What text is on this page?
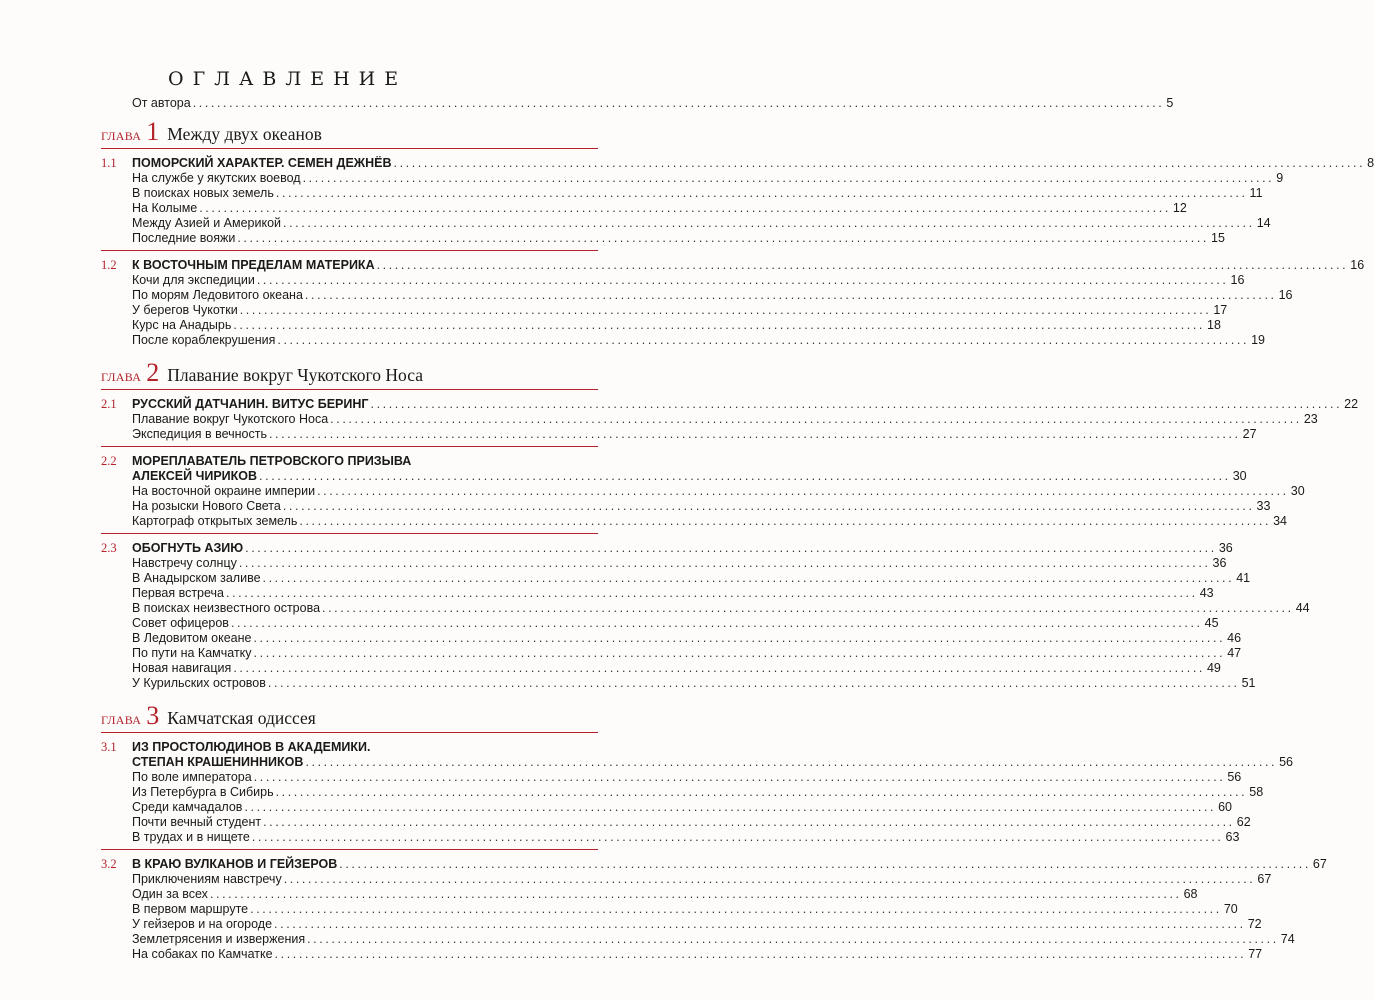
ОГЛАВЛЕНИЕ
От автора ................................................................................................................................................................ 5
ГЛАВА 1 Между двух океанов
1.1 ПОМОРСКИЙ ХАРАКТЕР. СЕМЕН ДЕЖНЁВ ................................................................................................................................................................ 8
На службе у якутских воевод ................................................................................................................................................................ 9
В поисках новых земель ................................................................................................................................................................ 11
На Колыме ................................................................................................................................................................ 12
Между Азией и Америкой ................................................................................................................................................................ 14
Последние вояжи ................................................................................................................................................................ 15
1.2 К ВОСТОЧНЫМ ПРЕДЕЛАМ МАТЕРИКА ................................................................................................................................................................ 16
Кочи для экспедиции ................................................................................................................................................................ 16
По морям Ледовитого океана ................................................................................................................................................................ 16
У берегов Чукотки ................................................................................................................................................................ 17
Курс на Анадырь ................................................................................................................................................................ 18
После кораблекрушения ................................................................................................................................................................ 19
ГЛАВА 2 Плавание вокруг Чукотского Носа
2.1 РУССКИЙ ДАТЧАНИН. ВИТУС БЕРИНГ ................................................................................................................................................................ 22
Плавание вокруг Чукотского Носа ................................................................................................................................................................ 23
Экспедиция в вечность ................................................................................................................................................................ 27
2.2 МОРЕПЛАВАТЕЛЬ ПЕТРОВСКОГО ПРИЗЫВА
АЛЕКСЕЙ ЧИРИКОВ ................................................................................................................................................................ 30
На восточной окраине империи ................................................................................................................................................................ 30
На розыски Нового Света ................................................................................................................................................................ 33
Картограф открытых земель ................................................................................................................................................................ 34
2.3 ОБОГНУТЬ АЗИЮ ................................................................................................................................................................ 36
Навстречу солнцу ................................................................................................................................................................ 36
В Анадырском заливе ................................................................................................................................................................ 41
Первая встреча ................................................................................................................................................................ 43
В поисках неизвестного острова ................................................................................................................................................................ 44
Совет офицеров ................................................................................................................................................................ 45
В Ледовитом океане ................................................................................................................................................................ 46
По пути на Камчатку ................................................................................................................................................................ 47
Новая навигация ................................................................................................................................................................ 49
У Курильских островов ................................................................................................................................................................ 51
ГЛАВА 3 Камчатская одиссея
3.1 ИЗ ПРОСТОЛЮДИНОВ В АКАДЕМИКИ.
СТЕПАН КРАШЕНИННИКОВ ................................................................................................................................................................ 56
По воле императора ................................................................................................................................................................ 56
Из Петербурга в Сибирь ................................................................................................................................................................ 58
Среди камчадалов ................................................................................................................................................................ 60
Почти вечный студент ................................................................................................................................................................ 62
В трудах и в нищете ................................................................................................................................................................ 63
3.2 В КРАЮ ВУЛКАНОВ И ГЕЙЗЕРОВ ................................................................................................................................................................ 67
Приключениям навстречу ................................................................................................................................................................ 67
Один за всех ................................................................................................................................................................ 68
В первом маршруте ................................................................................................................................................................ 70
У гейзеров и на огороде ................................................................................................................................................................ 72
Землетрясения и извержения ................................................................................................................................................................ 74
На собаках по Камчатке ................................................................................................................................................................ 77
